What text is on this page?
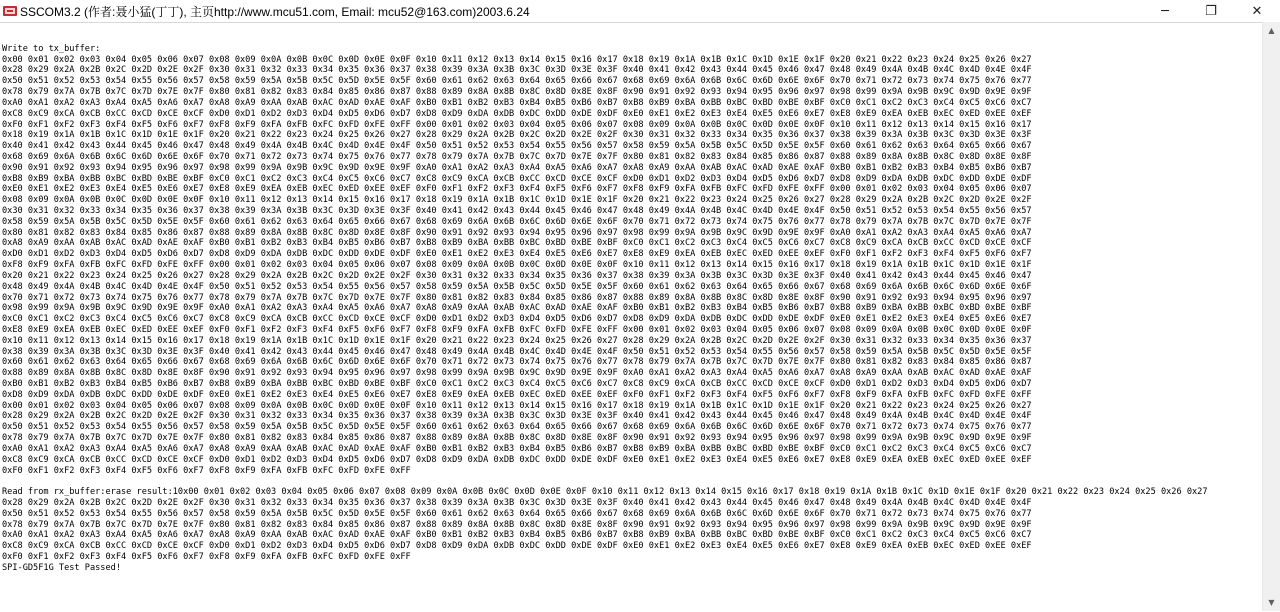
SSCOM3.2 (作者:聂小猛(丁丁), 主页http://www.mcu51.com, Email: mcu52@163.com)2003.6.24	─	❐	✕

Write to tx_buffer:
0x00 0x01 0x02 0x03 0x04 0x05 0x06 0x07 0x08 0x09 0x0A 0x0B 0x0C 0x0D 0x0E 0x0F 0x10 0x11 0x12 0x13 0x14 0x15 0x16 0x17 0x18 0x19 0x1A 0x1B 0x1C 0x1D 0x1E 0x1F 0x20 0x21 0x22 0x23 0x24 0x25 0x26 0x27
0x28 0x29 0x2A 0x2B 0x2C 0x2D 0x2E 0x2F 0x30 0x31 0x32 0x33 0x34 0x35 0x36 0x37 0x38 0x39 0x3A 0x3B 0x3C 0x3D 0x3E 0x3F 0x40 0x41 0x42 0x43 0x44 0x45 0x46 0x47 0x48 0x49 0x4A 0x4B 0x4C 0x4D 0x4E 0x4F
0x50 0x51 0x52 0x53 0x54 0x55 0x56 0x57 0x58 0x59 0x5A 0x5B 0x5C 0x5D 0x5E 0x5F 0x60 0x61 0x62 0x63 0x64 0x65 0x66 0x67 0x68 0x69 0x6A 0x6B 0x6C 0x6D 0x6E 0x6F 0x70 0x71 0x72 0x73 0x74 0x75 0x76 0x77
0x78 0x79 0x7A 0x7B 0x7C 0x7D 0x7E 0x7F 0x80 0x81 0x82 0x83 0x84 0x85 0x86 0x87 0x88 0x89 0x8A 0x8B 0x8C 0x8D 0x8E 0x8F 0x90 0x91 0x92 0x93 0x94 0x95 0x96 0x97 0x98 0x99 0x9A 0x9B 0x9C 0x9D 0x9E 0x9F
0xA0 0xA1 0xA2 0xA3 0xA4 0xA5 0xA6 0xA7 0xA8 0xA9 0xAA 0xAB 0xAC 0xAD 0xAE 0xAF 0xB0 0xB1 0xB2 0xB3 0xB4 0xB5 0xB6 0xB7 0xB8 0xB9 0xBA 0xBB 0xBC 0xBD 0xBE 0xBF 0xC0 0xC1 0xC2 0xC3 0xC4 0xC5 0xC6 0xC7
0xC8 0xC9 0xCA 0xCB 0xCC 0xCD 0xCE 0xCF 0xD0 0xD1 0xD2 0xD3 0xD4 0xD5 0xD6 0xD7 0xD8 0xD9 0xDA 0xDB 0xDC 0xDD 0xDE 0xDF 0xE0 0xE1 0xE2 0xE3 0xE4 0xE5 0xE6 0xE7 0xE8 0xE9 0xEA 0xEB 0xEC 0xED 0xEE 0xEF
0xF0 0xF1 0xF2 0xF3 0xF4 0xF5 0xF6 0xF7 0xF8 0xF9 0xFA 0xFB 0xFC 0xFD 0xFE 0xFF 0x00 0x01 0x02 0x03 0x04 0x05 0x06 0x07 0x08 0x09 0x0A 0x0B 0x0C 0x0D 0x0E 0x0F 0x10 0x11 0x12 0x13 0x14 0x15 0x16 0x17
0x18 0x19 0x1A 0x1B 0x1C 0x1D 0x1E 0x1F 0x20 0x21 0x22 0x23 0x24 0x25 0x26 0x27 0x28 0x29 0x2A 0x2B 0x2C 0x2D 0x2E 0x2F 0x30 0x31 0x32 0x33 0x34 0x35 0x36 0x37 0x38 0x39 0x3A 0x3B 0x3C 0x3D 0x3E 0x3F
0x40 0x41 0x42 0x43 0x44 0x45 0x46 0x47 0x48 0x49 0x4A 0x4B 0x4C 0x4D 0x4E 0x4F 0x50 0x51 0x52 0x53 0x54 0x55 0x56 0x57 0x58 0x59 0x5A 0x5B 0x5C 0x5D 0x5E 0x5F 0x60 0x61 0x62 0x63 0x64 0x65 0x66 0x67
0x68 0x69 0x6A 0x6B 0x6C 0x6D 0x6E 0x6F 0x70 0x71 0x72 0x73 0x74 0x75 0x76 0x77 0x78 0x79 0x7A 0x7B 0x7C 0x7D 0x7E 0x7F 0x80 0x81 0x82 0x83 0x84 0x85 0x86 0x87 0x88 0x89 0x8A 0x8B 0x8C 0x8D 0x8E 0x8F
0x90 0x91 0x92 0x93 0x94 0x95 0x96 0x97 0x98 0x99 0x9A 0x9B 0x9C 0x9D 0x9E 0x9F 0xA0 0xA1 0xA2 0xA3 0xA4 0xA5 0xA6 0xA7 0xA8 0xA9 0xAA 0xAB 0xAC 0xAD 0xAE 0xAF 0xB0 0xB1 0xB2 0xB3 0xB4 0xB5 0xB6 0xB7
0xB8 0xB9 0xBA 0xBB 0xBC 0xBD 0xBE 0xBF 0xC0 0xC1 0xC2 0xC3 0xC4 0xC5 0xC6 0xC7 0xC8 0xC9 0xCA 0xCB 0xCC 0xCD 0xCE 0xCF 0xD0 0xD1 0xD2 0xD3 0xD4 0xD5 0xD6 0xD7 0xD8 0xD9 0xDA 0xDB 0xDC 0xDD 0xDE 0xDF
0xE0 0xE1 0xE2 0xE3 0xE4 0xE5 0xE6 0xE7 0xE8 0xE9 0xEA 0xEB 0xEC 0xED 0xEE 0xEF 0xF0 0xF1 0xF2 0xF3 0xF4 0xF5 0xF6 0xF7 0xF8 0xF9 0xFA 0xFB 0xFC 0xFD 0xFE 0xFF 0x00 0x01 0x02 0x03 0x04 0x05 0x06 0x07
0x08 0x09 0x0A 0x0B 0x0C 0x0D 0x0E 0x0F 0x10 0x11 0x12 0x13 0x14 0x15 0x16 0x17 0x18 0x19 0x1A 0x1B 0x1C 0x1D 0x1E 0x1F 0x20 0x21 0x22 0x23 0x24 0x25 0x26 0x27 0x28 0x29 0x2A 0x2B 0x2C 0x2D 0x2E 0x2F
0x30 0x31 0x32 0x33 0x34 0x35 0x36 0x37 0x38 0x39 0x3A 0x3B 0x3C 0x3D 0x3E 0x3F 0x40 0x41 0x42 0x43 0x44 0x45 0x46 0x47 0x48 0x49 0x4A 0x4B 0x4C 0x4D 0x4E 0x4F 0x50 0x51 0x52 0x53 0x54 0x55 0x56 0x57
0x58 0x59 0x5A 0x5B 0x5C 0x5D 0x5E 0x5F 0x60 0x61 0x62 0x63 0x64 0x65 0x66 0x67 0x68 0x69 0x6A 0x6B 0x6C 0x6D 0x6E 0x6F 0x70 0x71 0x72 0x73 0x74 0x75 0x76 0x77 0x78 0x79 0x7A 0x7B 0x7C 0x7D 0x7E 0x7F
0x80 0x81 0x82 0x83 0x84 0x85 0x86 0x87 0x88 0x89 0x8A 0x8B 0x8C 0x8D 0x8E 0x8F 0x90 0x91 0x92 0x93 0x94 0x95 0x96 0x97 0x98 0x99 0x9A 0x9B 0x9C 0x9D 0x9E 0x9F 0xA0 0xA1 0xA2 0xA3 0xA4 0xA5 0xA6 0xA7
0xA8 0xA9 0xAA 0xAB 0xAC 0xAD 0xAE 0xAF 0xB0 0xB1 0xB2 0xB3 0xB4 0xB5 0xB6 0xB7 0xB8 0xB9 0xBA 0xBB 0xBC 0xBD 0xBE 0xBF 0xC0 0xC1 0xC2 0xC3 0xC4 0xC5 0xC6 0xC7 0xC8 0xC9 0xCA 0xCB 0xCC 0xCD 0xCE 0xCF
0xD0 0xD1 0xD2 0xD3 0xD4 0xD5 0xD6 0xD7 0xD8 0xD9 0xDA 0xDB 0xDC 0xDD 0xDE 0xDF 0xE0 0xE1 0xE2 0xE3 0xE4 0xE5 0xE6 0xE7 0xE8 0xE9 0xEA 0xEB 0xEC 0xED 0xEE 0xEF 0xF0 0xF1 0xF2 0xF3 0xF4 0xF5 0xF6 0xF7
0xF8 0xF9 0xFA 0xFB 0xFC 0xFD 0xFE 0xFF 0x00 0x01 0x02 0x03 0x04 0x05 0x06 0x07 0x08 0x09 0x0A 0x0B 0x0C 0x0D 0x0E 0x0F 0x10 0x11 0x12 0x13 0x14 0x15 0x16 0x17 0x18 0x19 0x1A 0x1B 0x1C 0x1D 0x1E 0x1F
0x20 0x21 0x22 0x23 0x24 0x25 0x26 0x27 0x28 0x29 0x2A 0x2B 0x2C 0x2D 0x2E 0x2F 0x30 0x31 0x32 0x33 0x34 0x35 0x36 0x37 0x38 0x39 0x3A 0x3B 0x3C 0x3D 0x3E 0x3F 0x40 0x41 0x42 0x43 0x44 0x45 0x46 0x47
0x48 0x49 0x4A 0x4B 0x4C 0x4D 0x4E 0x4F 0x50 0x51 0x52 0x53 0x54 0x55 0x56 0x57 0x58 0x59 0x5A 0x5B 0x5C 0x5D 0x5E 0x5F 0x60 0x61 0x62 0x63 0x64 0x65 0x66 0x67 0x68 0x69 0x6A 0x6B 0x6C 0x6D 0x6E 0x6F
0x70 0x71 0x72 0x73 0x74 0x75 0x76 0x77 0x78 0x79 0x7A 0x7B 0x7C 0x7D 0x7E 0x7F 0x80 0x81 0x82 0x83 0x84 0x85 0x86 0x87 0x88 0x89 0x8A 0x8B 0x8C 0x8D 0x8E 0x8F 0x90 0x91 0x92 0x93 0x94 0x95 0x96 0x97
0x98 0x99 0x9A 0x9B 0x9C 0x9D 0x9E 0x9F 0xA0 0xA1 0xA2 0xA3 0xA4 0xA5 0xA6 0xA7 0xA8 0xA9 0xAA 0xAB 0xAC 0xAD 0xAE 0xAF 0xB0 0xB1 0xB2 0xB3 0xB4 0xB5 0xB6 0xB7 0xB8 0xB9 0xBA 0xBB 0xBC 0xBD 0xBE 0xBF
0xC0 0xC1 0xC2 0xC3 0xC4 0xC5 0xC6 0xC7 0xC8 0xC9 0xCA 0xCB 0xCC 0xCD 0xCE 0xCF 0xD0 0xD1 0xD2 0xD3 0xD4 0xD5 0xD6 0xD7 0xD8 0xD9 0xDA 0xDB 0xDC 0xDD 0xDE 0xDF 0xE0 0xE1 0xE2 0xE3 0xE4 0xE5 0xE6 0xE7
0xE8 0xE9 0xEA 0xEB 0xEC 0xED 0xEE 0xEF 0xF0 0xF1 0xF2 0xF3 0xF4 0xF5 0xF6 0xF7 0xF8 0xF9 0xFA 0xFB 0xFC 0xFD 0xFE 0xFF 0x00 0x01 0x02 0x03 0x04 0x05 0x06 0x07 0x08 0x09 0x0A 0x0B 0x0C 0x0D 0x0E 0x0F
0x10 0x11 0x12 0x13 0x14 0x15 0x16 0x17 0x18 0x19 0x1A 0x1B 0x1C 0x1D 0x1E 0x1F 0x20 0x21 0x22 0x23 0x24 0x25 0x26 0x27 0x28 0x29 0x2A 0x2B 0x2C 0x2D 0x2E 0x2F 0x30 0x31 0x32 0x33 0x34 0x35 0x36 0x37
0x38 0x39 0x3A 0x3B 0x3C 0x3D 0x3E 0x3F 0x40 0x41 0x42 0x43 0x44 0x45 0x46 0x47 0x48 0x49 0x4A 0x4B 0x4C 0x4D 0x4E 0x4F 0x50 0x51 0x52 0x53 0x54 0x55 0x56 0x57 0x58 0x59 0x5A 0x5B 0x5C 0x5D 0x5E 0x5F
0x60 0x61 0x62 0x63 0x64 0x65 0x66 0x67 0x68 0x69 0x6A 0x6B 0x6C 0x6D 0x6E 0x6F 0x70 0x71 0x72 0x73 0x74 0x75 0x76 0x77 0x78 0x79 0x7A 0x7B 0x7C 0x7D 0x7E 0x7F 0x80 0x81 0x82 0x83 0x84 0x85 0x86 0x87
0x88 0x89 0x8A 0x8B 0x8C 0x8D 0x8E 0x8F 0x90 0x91 0x92 0x93 0x94 0x95 0x96 0x97 0x98 0x99 0x9A 0x9B 0x9C 0x9D 0x9E 0x9F 0xA0 0xA1 0xA2 0xA3 0xA4 0xA5 0xA6 0xA7 0xA8 0xA9 0xAA 0xAB 0xAC 0xAD 0xAE 0xAF
0xB0 0xB1 0xB2 0xB3 0xB4 0xB5 0xB6 0xB7 0xB8 0xB9 0xBA 0xBB 0xBC 0xBD 0xBE 0xBF 0xC0 0xC1 0xC2 0xC3 0xC4 0xC5 0xC6 0xC7 0xC8 0xC9 0xCA 0xCB 0xCC 0xCD 0xCE 0xCF 0xD0 0xD1 0xD2 0xD3 0xD4 0xD5 0xD6 0xD7
0xD8 0xD9 0xDA 0xDB 0xDC 0xDD 0xDE 0xDF 0xE0 0xE1 0xE2 0xE3 0xE4 0xE5 0xE6 0xE7 0xE8 0xE9 0xEA 0xEB 0xEC 0xED 0xEE 0xEF 0xF0 0xF1 0xF2 0xF3 0xF4 0xF5 0xF6 0xF7 0xF8 0xF9 0xFA 0xFB 0xFC 0xFD 0xFE 0xFF
0x00 0x01 0x02 0x03 0x04 0x05 0x06 0x07 0x08 0x09 0x0A 0x0B 0x0C 0x0D 0x0E 0x0F 0x10 0x11 0x12 0x13 0x14 0x15 0x16 0x17 0x18 0x19 0x1A 0x1B 0x1C 0x1D 0x1E 0x1F 0x20 0x21 0x22 0x23 0x24 0x25 0x26 0x27
0x28 0x29 0x2A 0x2B 0x2C 0x2D 0x2E 0x2F 0x30 0x31 0x32 0x33 0x34 0x35 0x36 0x37 0x38 0x39 0x3A 0x3B 0x3C 0x3D 0x3E 0x3F 0x40 0x41 0x42 0x43 0x44 0x45 0x46 0x47 0x48 0x49 0x4A 0x4B 0x4C 0x4D 0x4E 0x4F
0x50 0x51 0x52 0x53 0x54 0x55 0x56 0x57 0x58 0x59 0x5A 0x5B 0x5C 0x5D 0x5E 0x5F 0x60 0x61 0x62 0x63 0x64 0x65 0x66 0x67 0x68 0x69 0x6A 0x6B 0x6C 0x6D 0x6E 0x6F 0x70 0x71 0x72 0x73 0x74 0x75 0x76 0x77
0x78 0x79 0x7A 0x7B 0x7C 0x7D 0x7E 0x7F 0x80 0x81 0x82 0x83 0x84 0x85 0x86 0x87 0x88 0x89 0x8A 0x8B 0x8C 0x8D 0x8E 0x8F 0x90 0x91 0x92 0x93 0x94 0x95 0x96 0x97 0x98 0x99 0x9A 0x9B 0x9C 0x9D 0x9E 0x9F
0xA0 0xA1 0xA2 0xA3 0xA4 0xA5 0xA6 0xA7 0xA8 0xA9 0xAA 0xAB 0xAC 0xAD 0xAE 0xAF 0xB0 0xB1 0xB2 0xB3 0xB4 0xB5 0xB6 0xB7 0xB8 0xB9 0xBA 0xBB 0xBC 0xBD 0xBE 0xBF 0xC0 0xC1 0xC2 0xC3 0xC4 0xC5 0xC6 0xC7
0xC8 0xC9 0xCA 0xCB 0xCC 0xCD 0xCE 0xCF 0xD0 0xD1 0xD2 0xD3 0xD4 0xD5 0xD6 0xD7 0xD8 0xD9 0xDA 0xDB 0xDC 0xDD 0xDE 0xDF 0xE0 0xE1 0xE2 0xE3 0xE4 0xE5 0xE6 0xE7 0xE8 0xE9 0xEA 0xEB 0xEC 0xED 0xEE 0xEF
0xF0 0xF1 0xF2 0xF3 0xF4 0xF5 0xF6 0xF7 0xF8 0xF9 0xFA 0xFB 0xFC 0xFD 0xFE 0xFF

Read from rx_buffer:erase result:10x00 0x01 0x02 0x03 0x04 0x05 0x06 0x07 0x08 0x09 0x0A 0x0B 0x0C 0x0D 0x0E 0x0F 0x10 0x11 0x12 0x13 0x14 0x15 0x16 0x17 0x18 0x19 0x1A 0x1B 0x1C 0x1D 0x1E 0x1F 0x20 0x21 0x22 0x23 0x24 0x25 0x26 0x27
0x28 0x29 0x2A 0x2B 0x2C 0x2D 0x2E 0x2F 0x30 0x31 0x32 0x33 0x34 0x35 0x36 0x37 0x38 0x39 0x3A 0x3B 0x3C 0x3D 0x3E 0x3F 0x40 0x41 0x42 0x43 0x44 0x45 0x46 0x47 0x48 0x49 0x4A 0x4B 0x4C 0x4D 0x4E 0x4F
0x50 0x51 0x52 0x53 0x54 0x55 0x56 0x57 0x58 0x59 0x5A 0x5B 0x5C 0x5D 0x5E 0x5F 0x60 0x61 0x62 0x63 0x64 0x65 0x66 0x67 0x68 0x69 0x6A 0x6B 0x6C 0x6D 0x6E 0x6F 0x70 0x71 0x72 0x73 0x74 0x75 0x76 0x77
0x78 0x79 0x7A 0x7B 0x7C 0x7D 0x7E 0x7F 0x80 0x81 0x82 0x83 0x84 0x85 0x86 0x87 0x88 0x89 0x8A 0x8B 0x8C 0x8D 0x8E 0x8F 0x90 0x91 0x92 0x93 0x94 0x95 0x96 0x97 0x98 0x99 0x9A 0x9B 0x9C 0x9D 0x9E 0x9F
0xA0 0xA1 0xA2 0xA3 0xA4 0xA5 0xA6 0xA7 0xA8 0xA9 0xAA 0xAB 0xAC 0xAD 0xAE 0xAF 0xB0 0xB1 0xB2 0xB3 0xB4 0xB5 0xB6 0xB7 0xB8 0xB9 0xBA 0xBB 0xBC 0xBD 0xBE 0xBF 0xC0 0xC1 0xC2 0xC3 0xC4 0xC5 0xC6 0xC7
0xC8 0xC9 0xCA 0xCB 0xCC 0xCD 0xCE 0xCF 0xD0 0xD1 0xD2 0xD3 0xD4 0xD5 0xD6 0xD7 0xD8 0xD9 0xDA 0xDB 0xDC 0xDD 0xDE 0xDF 0xE0 0xE1 0xE2 0xE3 0xE4 0xE5 0xE6 0xE7 0xE8 0xE9 0xEA 0xEB 0xEC 0xED 0xEE 0xEF
0xF0 0xF1 0xF2 0xF3 0xF4 0xF5 0xF6 0xF7 0xF8 0xF9 0xFA 0xFB 0xFC 0xFD 0xFE 0xFF
SPI-GD5F1G Test Passed!
▲
▼
